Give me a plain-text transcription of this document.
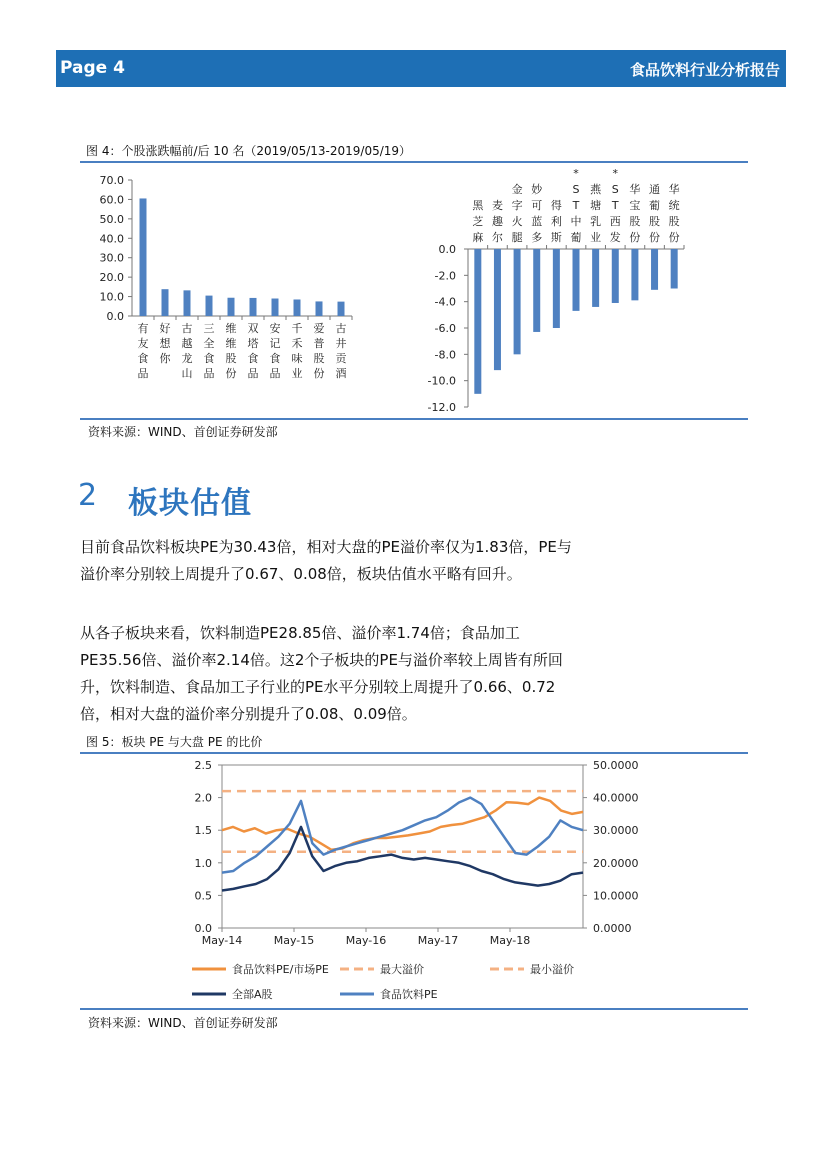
Page 4	食品饮料行业分析报告
图 4：个股涨跌幅前/后 10 名（2019/05/13-2019/05/19）
0.0
10.0
20.0
30.0
40.0
50.0
60.0
70.0
有友食品
好想你
古越龙山
三全食品
维维股份
双塔食品
安记食品
千禾味业
爱普股份
古井贡酒
0.0
-2.0
-4.0
-6.0
-8.0
-10.0
-12.0
黑芝麻
麦趣尔
金字火腿
妙可蓝多
得利斯
* S T 中葡
燕塘乳业
* S T 西发
华宝股份
通葡股份
华统股份
资料来源：WIND、首创证券研发部
2 板块估值

目前食品饮料板块PE为30.43倍，相对大盘的PE溢价率仅为1.83倍，PE与溢价率分别较上周提升了0.67、0.08倍，板块估值水平略有回升。

从各子板块来看，饮料制造PE28.85倍、溢价率1.74倍；食品加工PE35.56倍、溢价率2.14倍。这2个子板块的PE与溢价率较上周皆有所回升，饮料制造、食品加工子行业的PE水平分别较上周提升了0.66、0.72倍，相对大盘的溢价率分别提升了0.08、0.09倍。

图 5：板块 PE 与大盘 PE 的比价
0.0
0.5
1.0
1.5
2.0
2.5
0.0000
10.0000
20.0000
30.0000
40.0000
50.0000
May-14	May-15	May-16	May-17	May-18
食品饮料PE/市场PE	最大溢价	最小溢价
全部A股	食品饮料PE
资料来源：WIND、首创证券研发部
